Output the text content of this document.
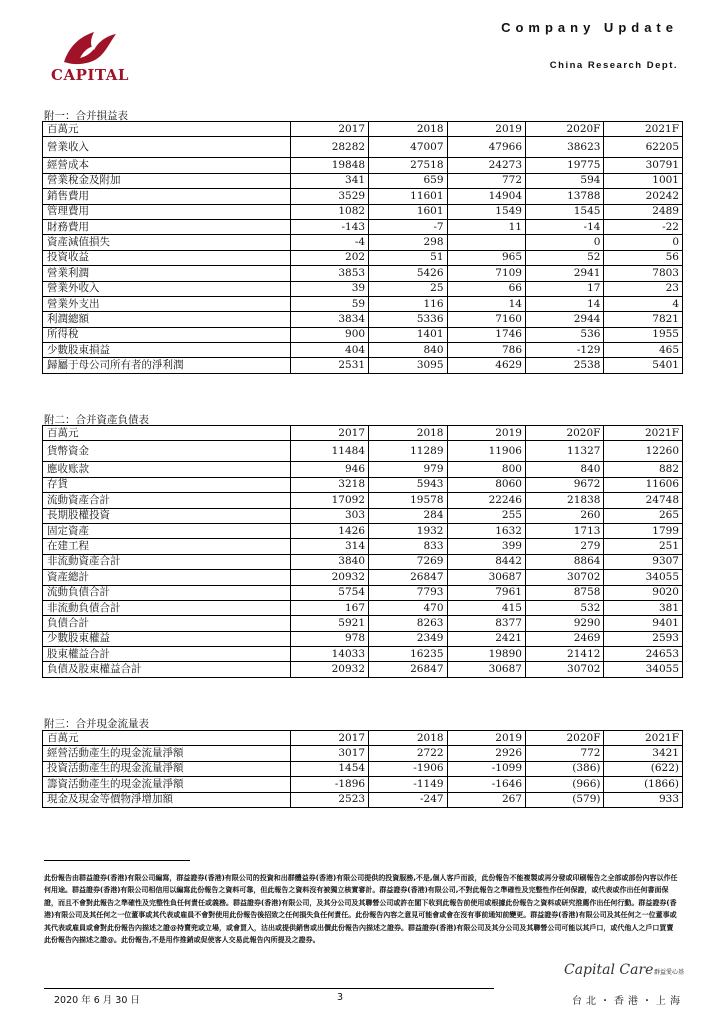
CAPITAL
Company Update
China Research Dept.
附一：合并損益表
百萬元	2017	2018	2019	2020F	2021F
營業收入	28282	47007	47966	38623	62205
經營成本	19848	27518	24273	19775	30791
營業稅金及附加	341	659	772	594	1001
銷售費用	3529	11601	14904	13788	20242
管理費用	1082	1601	1549	1545	2489
財務費用	-143	-7	11	-14	-22
資產減值損失	-4	298		0	0
投資收益	202	51	965	52	56
營業利潤	3853	5426	7109	2941	7803
營業外收入	39	25	66	17	23
營業外支出	59	116	14	14	4
利潤總額	3834	5336	7160	2944	7821
所得稅	900	1401	1746	536	1955
少數股東損益	404	840	786	-129	465
歸屬于母公司所有者的淨利潤	2531	3095	4629	2538	5401
附二：合并資產負債表
百萬元	2017	2018	2019	2020F	2021F
貨幣資金	11484	11289	11906	11327	12260
應收账款	946	979	800	840	882
存貨	3218	5943	8060	9672	11606
流動資產合計	17092	19578	22246	21838	24748
長期股權投資	303	284	255	260	265
固定資產	1426	1932	1632	1713	1799
在建工程	314	833	399	279	251
非流動資產合計	3840	7269	8442	8864	9307
資產總計	20932	26847	30687	30702	34055
流動負債合計	5754	7793	7961	8758	9020
非流動負債合計	167	470	415	532	381
負債合計	5921	8263	8377	9290	9401
少數股東權益	978	2349	2421	2469	2593
股東權益合計	14033	16235	19890	21412	24653
負債及股東權益合計	20932	26847	30687	30702	34055
附三：合并現金流量表
百萬元	2017	2018	2019	2020F	2021F
經營活動產生的現金流量淨額	3017	2722	2926	772	3421
投資活動產生的現金流量淨額	1454	-1906	-1099	(386)	(622)
籌資活動產生的現金流量淨額	-1896	-1149	-1646	(966)	(1866)
現金及現金等價物淨增加額	2523	-247	267	(579)	933
此份報告由群益證券(香港)有限公司編寫，群益證券(香港)有限公司的投資和出群體益券(香港)有限公司提供的投資服務,不是,個人客戶而設，此份報告不能複製或再分發或印刷報告之全部或部份內容以作任何用途。群益證券(香港)有限公司相信用以編寫此份報告之資料可靠，但此報告之資料沒有被獨立核實審計。群益證券(香港)有限公司,不對此報告之準確性及完整性作任何保證，或代表或作出任何書面保證，而且不會對此報告之準確性及完整性負任何責任或義務。群益證券(香港)有限公司，及其分公司及其聯營公司或許在閣下收到此報告前使用或根據此份報告之資料或研究推薦作出任何行動。群益證券(香港)有限公司及其任何之一位董事或其代表或雇員不會對使用此份報告後招致之任何損失負任何責任。此份報告內容之意見可能會或會在沒有事前通知前變更。群益證券(香港)有限公司及其任何之一位董事或其代表或雇員或會對此份報告內描述之證@持賣兜或立場，或會買入，沽出或提供銷售或出價此份報告內描述之證券。群益證券(香港)有限公司及其分公司及其聯營公司可能以其戶口，或代他人之戶口買賣此份報告內描述之證@。此份報告,不是用作推銷或促使客人交易此報告內所提及之證券。
Capital Care 群益愛心基
2020 年 6 月 30 日	3	台北・香港・上海
